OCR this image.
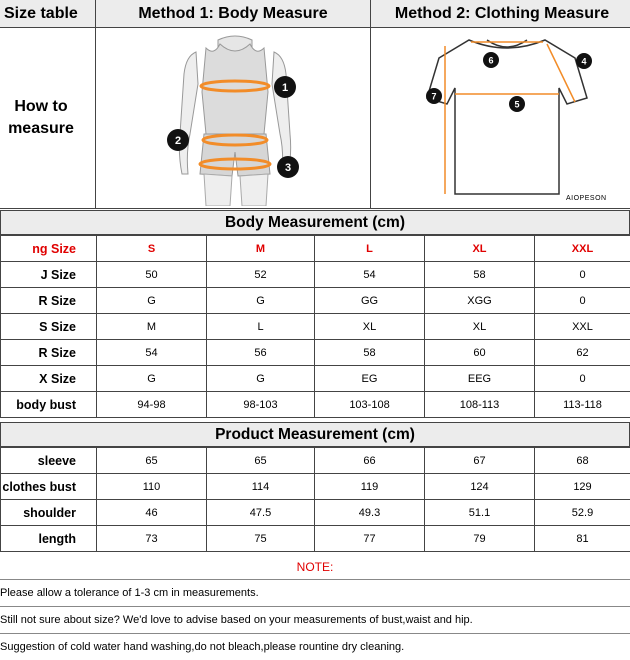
Size table	Method 1: Body Measure	Method 2: Clothing Measure
How to measure
1
2
3
4
5
6
7
AIOPESON
Body Measurement (cm)
ng Size	S	M	L	XL	XXL
J Size	50	52	54	58	0
R Size	G	G	GG	XGG	0
S Size	M	L	XL	XL	XXL
R Size	54	56	58	60	62
X Size	G	G	EG	EEG	0
body bust	94-98	98-103	103-108	108-113	113-118
Product Measurement (cm)
sleeve	65	65	66	67	68
clothes bust	110	114	119	124	129
shoulder	46	47.5	49.3	51.1	52.9
length	73	75	77	79	81
NOTE:
Please allow a tolerance of 1-3 cm in measurements.
Still not sure about size? We'd love to advise based on your measurements of bust,waist and hip.
Suggestion of cold water hand washing,do not bleach,please rountine dry cleaning.
